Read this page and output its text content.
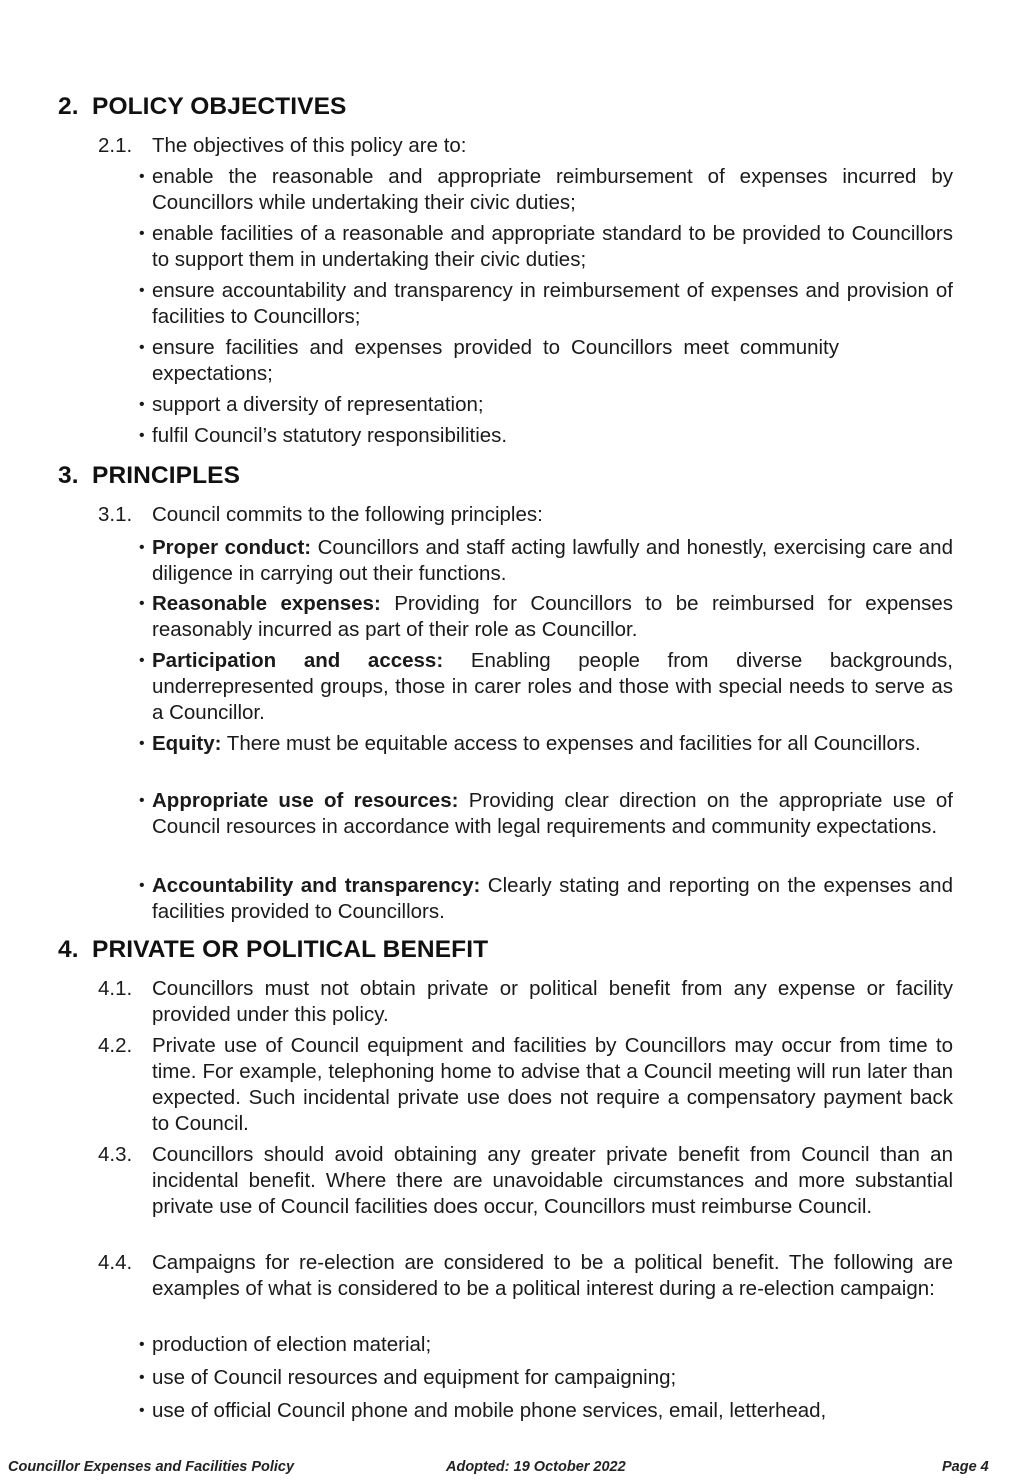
2. POLICY OBJECTIVES
2.1. The objectives of this policy are to:
• enable the reasonable and appropriate reimbursement of expenses incurred by Councillors while undertaking their civic duties;
• enable facilities of a reasonable and appropriate standard to be provided to Councillors to support them in undertaking their civic duties;
• ensure accountability and transparency in reimbursement of expenses and provision of facilities to Councillors;
• ensure facilities and expenses provided to Councillors meet community expectations;
• support a diversity of representation;
• fulfil Council’s statutory responsibilities.
3. PRINCIPLES
3.1. Council commits to the following principles:
• Proper conduct: Councillors and staff acting lawfully and honestly, exercising care and diligence in carrying out their functions.
• Reasonable expenses: Providing for Councillors to be reimbursed for expenses reasonably incurred as part of their role as Councillor.
• Participation and access: Enabling people from diverse backgrounds, underrepresented groups, those in carer roles and those with special needs to serve as a Councillor.
• Equity: There must be equitable access to expenses and facilities for all Councillors.
• Appropriate use of resources: Providing clear direction on the appropriate use of Council resources in accordance with legal requirements and community expectations.
• Accountability and transparency: Clearly stating and reporting on the expenses and facilities provided to Councillors.
4. PRIVATE OR POLITICAL BENEFIT
4.1. Councillors must not obtain private or political benefit from any expense or facility provided under this policy.
4.2. Private use of Council equipment and facilities by Councillors may occur from time to time. For example, telephoning home to advise that a Council meeting will run later than expected. Such incidental private use does not require a compensatory payment back to Council.
4.3. Councillors should avoid obtaining any greater private benefit from Council than an incidental benefit. Where there are unavoidable circumstances and more substantial private use of Council facilities does occur, Councillors must reimburse Council.
4.4. Campaigns for re-election are considered to be a political benefit. The following are examples of what is considered to be a political interest during a re-election campaign:
• production of election material;
• use of Council resources and equipment for campaigning;
• use of official Council phone and mobile phone services, email, letterhead,
Councillor Expenses and Facilities Policy	Adopted: 19 October 2022	Page 4
